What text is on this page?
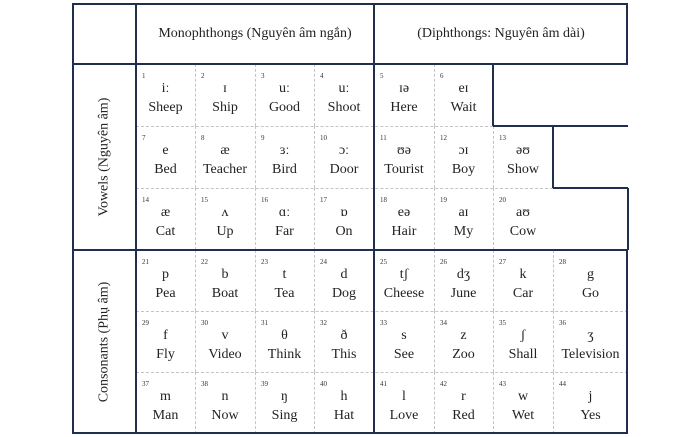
Monophthongs (Nguyên âm ngắn)	(Diphthongs: Nguyên âm dài)
Vowels (Nguyên âm)
Consonants (Phụ âm)
1
iː
Sheep
2
ɪ
Ship
3
uː
Good
4
uː
Shoot
5
ɪə
Here
6
eɪ
Wait
7
e
Bed
8
æ
Teacher
9
ɜː
Bird
10
ɔː
Door
11
ʊə
Tourist
12
ɔɪ
Boy
13
əʊ
Show
14
æ
Cat
15
ʌ
Up
16
ɑː
Far
17
ɒ
On
18
eə
Hair
19
aɪ
My
20
aʊ
Cow
21
p
Pea
22
b
Boat
23
t
Tea
24
d
Dog
25
tʃ
Cheese
26
dʒ
June
27
k
Car
28
g
Go
29
f
Fly
30
v
Video
31
θ
Think
32
ð
This
33
s
See
34
z
Zoo
35
ʃ
Shall
36
ʒ
Television
37
m
Man
38
n
Now
39
ŋ
Sing
40
h
Hat
41
l
Love
42
r
Red
43
w
Wet
44
j
Yes
